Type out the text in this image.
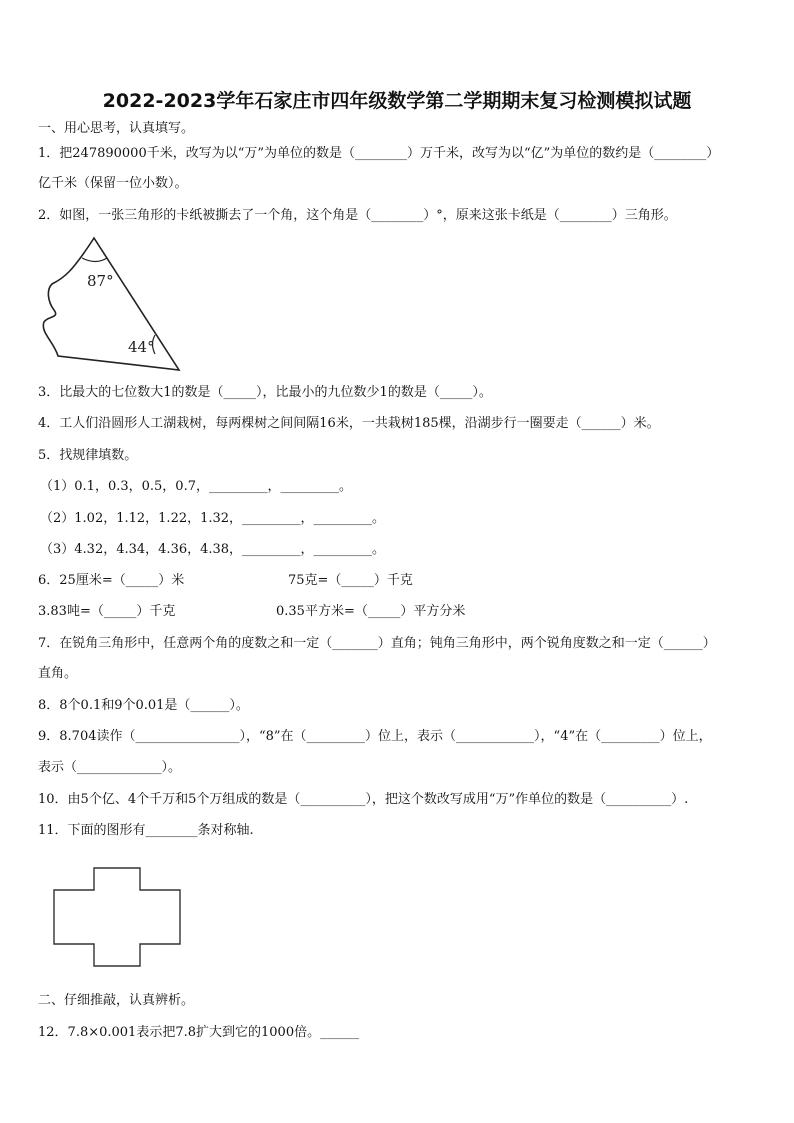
2022-2023学年石家庄市四年级数学第二学期期末复习检测模拟试题
一、用心思考，认真填写。
1．把247890000千米，改写为以“万”为单位的数是（________）万千米，改写为以“亿”为单位的数约是（________）
亿千米（保留一位小数）。
2．如图，一张三角形的卡纸被撕去了一个角，这个角是（________）°，原来这张卡纸是（________）三角形。
87°
44°
3．比最大的七位数大1的数是（_____），比最小的九位数少1的数是（_____）。
4．工人们沿圆形人工湖栽树，每两棵树之间间隔16米，一共栽树185棵，沿湖步行一圈要走（______）米。
5．找规律填数。
（1）0.1，0.3，0.5，0.7，_________，_________。
（2）1.02，1.12，1.22，1.32，_________，_________。
（3）4.32，4.34，4.36，4.38，_________，_________。
6．25厘米=（_____）米	75克=（_____）千克
3.83吨=（_____）千克	0.35平方米=（_____）平方分米
7．在锐角三角形中，任意两个角的度数之和一定（_______）直角；钝角三角形中，两个锐角度数之和一定（______）
直角。
8．8个0.1和9个0.01是（______）。
9．8.704读作（________________），“8”在（_________）位上，表示（____________），“4”在（_________）位上，
表示（_____________）。
10．由5个亿、4个千万和5个万组成的数是（__________），把这个数改写成用“万”作单位的数是（__________）.
11．下面的图形有________条对称轴.
二、仔细推敲，认真辨析。
12．7.8×0.001表示把7.8扩大到它的1000倍。______
